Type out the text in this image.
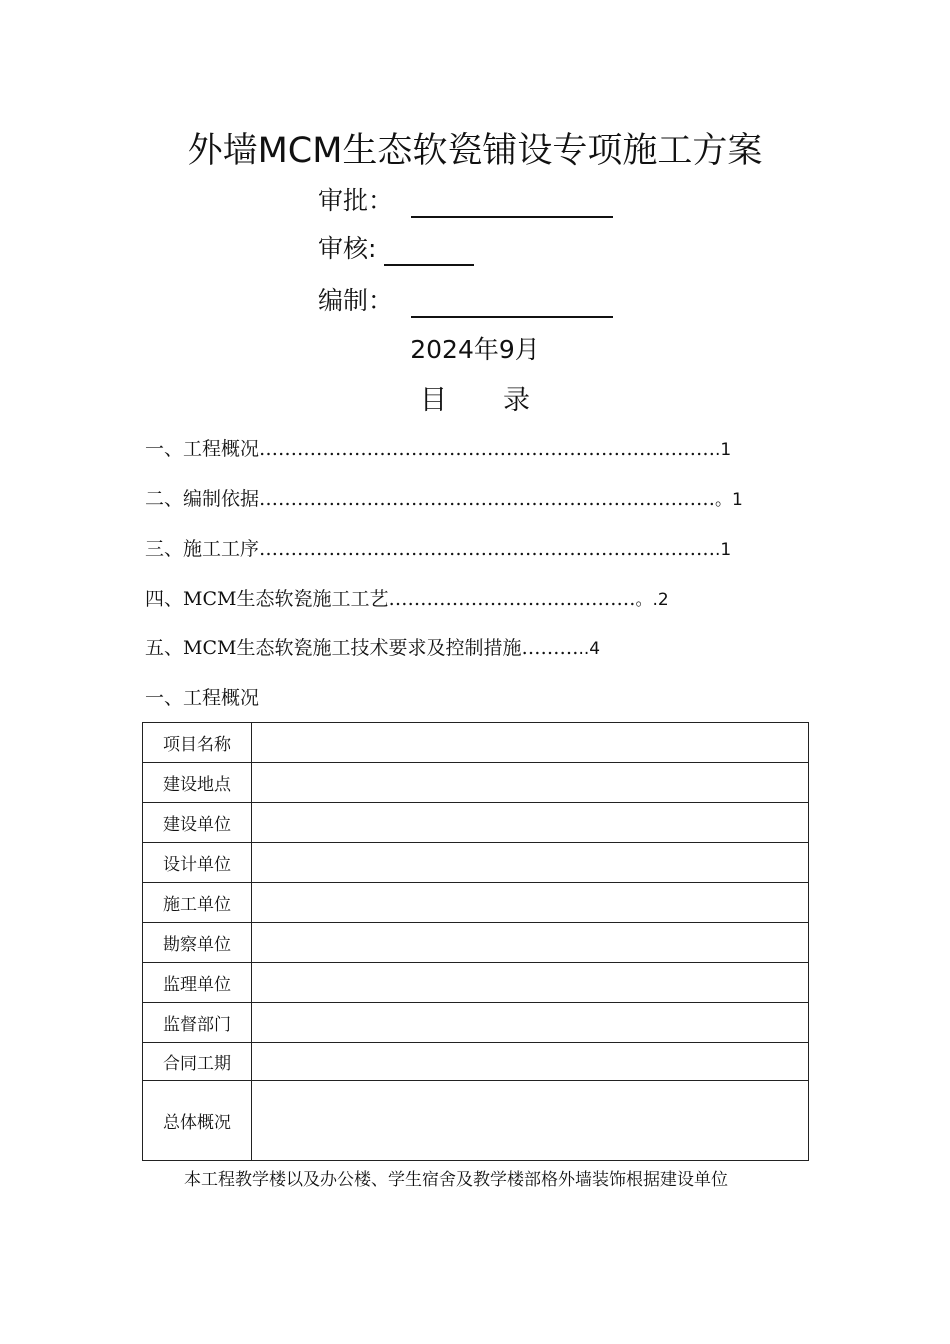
外墙MCM生态软瓷铺设专项施工方案
审批：
审核:
编制：
2024年9月
目 录
一、工程概况……………………………………………………………….1
二、编制依据………………………………………………………………。1
三、施工工序……………………………………………………………….1
四、MCM生态软瓷施工工艺…………………………………。.2
五、MCM生态软瓷施工技术要求及控制措施………..4
一、工程概况
项目名称	
建设地点	
建设单位	
设计单位	
施工单位	
勘察单位	
监理单位	
监督部门	
合同工期	
总体概况	
本工程教学楼以及办公楼、学生宿舍及教学楼部格外墙装饰根据建设单位
